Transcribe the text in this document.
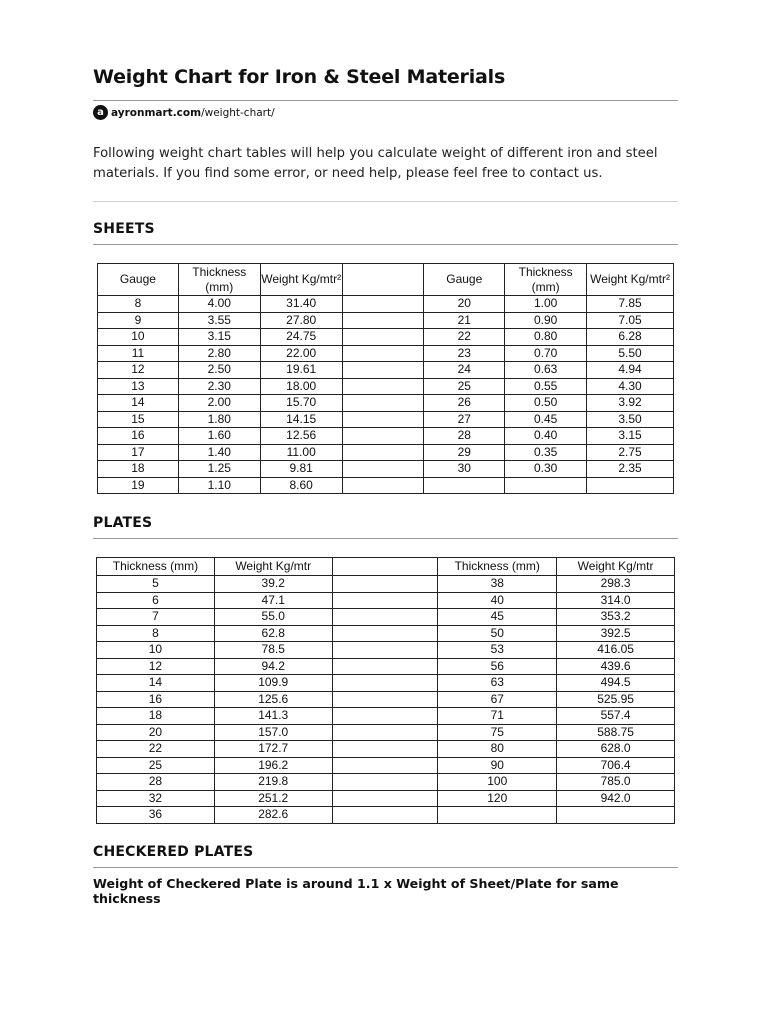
Weight Chart for Iron & Steel Materials
a ayronmart.com /weight-chart/
Following weight chart tables will help you calculate weight of different iron and steel materials. If you find some error, or need help, please feel free to contact us.
SHEETS
Gauge	Thickness (mm)	Weight Kg/mtr²		Gauge	Thickness (mm)	Weight Kg/mtr²
8	4.00	31.40		20	1.00	7.85
9	3.55	27.80		21	0.90	7.05
10	3.15	24.75		22	0.80	6.28
11	2.80	22.00		23	0.70	5.50
12	2.50	19.61		24	0.63	4.94
13	2.30	18.00		25	0.55	4.30
14	2.00	15.70		26	0.50	3.92
15	1.80	14.15		27	0.45	3.50
16	1.60	12.56		28	0.40	3.15
17	1.40	11.00		29	0.35	2.75
18	1.25	9.81		30	0.30	2.35
19	1.10	8.60				
PLATES
Thickness (mm)	Weight Kg/mtr		Thickness (mm)	Weight Kg/mtr
5	39.2		38	298.3
6	47.1		40	314.0
7	55.0		45	353.2
8	62.8		50	392.5
10	78.5		53	416.05
12	94.2		56	439.6
14	109.9		63	494.5
16	125.6		67	525.95
18	141.3		71	557.4
20	157.0		75	588.75
22	172.7		80	628.0
25	196.2		90	706.4
28	219.8		100	785.0
32	251.2		120	942.0
36	282.6			
CHECKERED PLATES
Weight of Checkered Plate is around 1.1 x Weight of Sheet/Plate for same thickness
